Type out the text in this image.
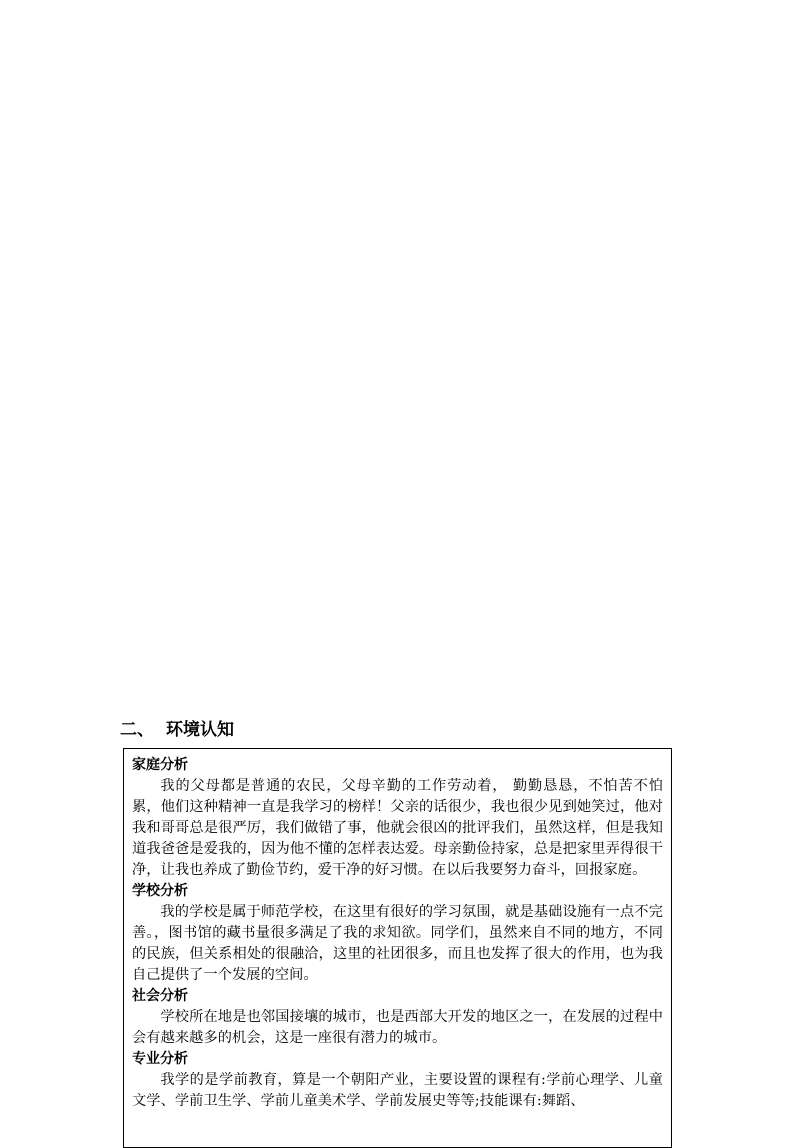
二、 环境认知
家庭分析

我的父母都是普通的农民，父母辛勤的工作劳动着， 勤勤恳恳，不怕苦不怕累，他们这种精神一直是我学习的榜样！父亲的话很少，我也很少见到她笑过，他对我和哥哥总是很严厉，我们做错了事，他就会很凶的批评我们，虽然这样，但是我知道我爸爸是爱我的，因为他不懂的怎样表达爱。母亲勤俭持家，总是把家里弄得很干净，让我也养成了勤俭节约，爱干净的好习惯。在以后我要努力奋斗，回报家庭。

学校分析

我的学校是属于师范学校，在这里有很好的学习氛围，就是基础设施有一点不完善。，图书馆的藏书量很多满足了我的求知欲。同学们，虽然来自不同的地方，不同的民族，但关系相处的很融洽，这里的社团很多，而且也发挥了很大的作用，也为我自己提供了一个发展的空间。

社会分析

学校所在地是也邻国接壤的城市，也是西部大开发的地区之一，在发展的过程中会有越来越多的机会，这是一座很有潜力的城市。

专业分析

我学的是学前教育，算是一个朝阳产业，主要设置的课程有:学前心理学、儿童文学、学前卫生学、学前儿童美术学、学前发展史等等;技能课有:舞蹈、
